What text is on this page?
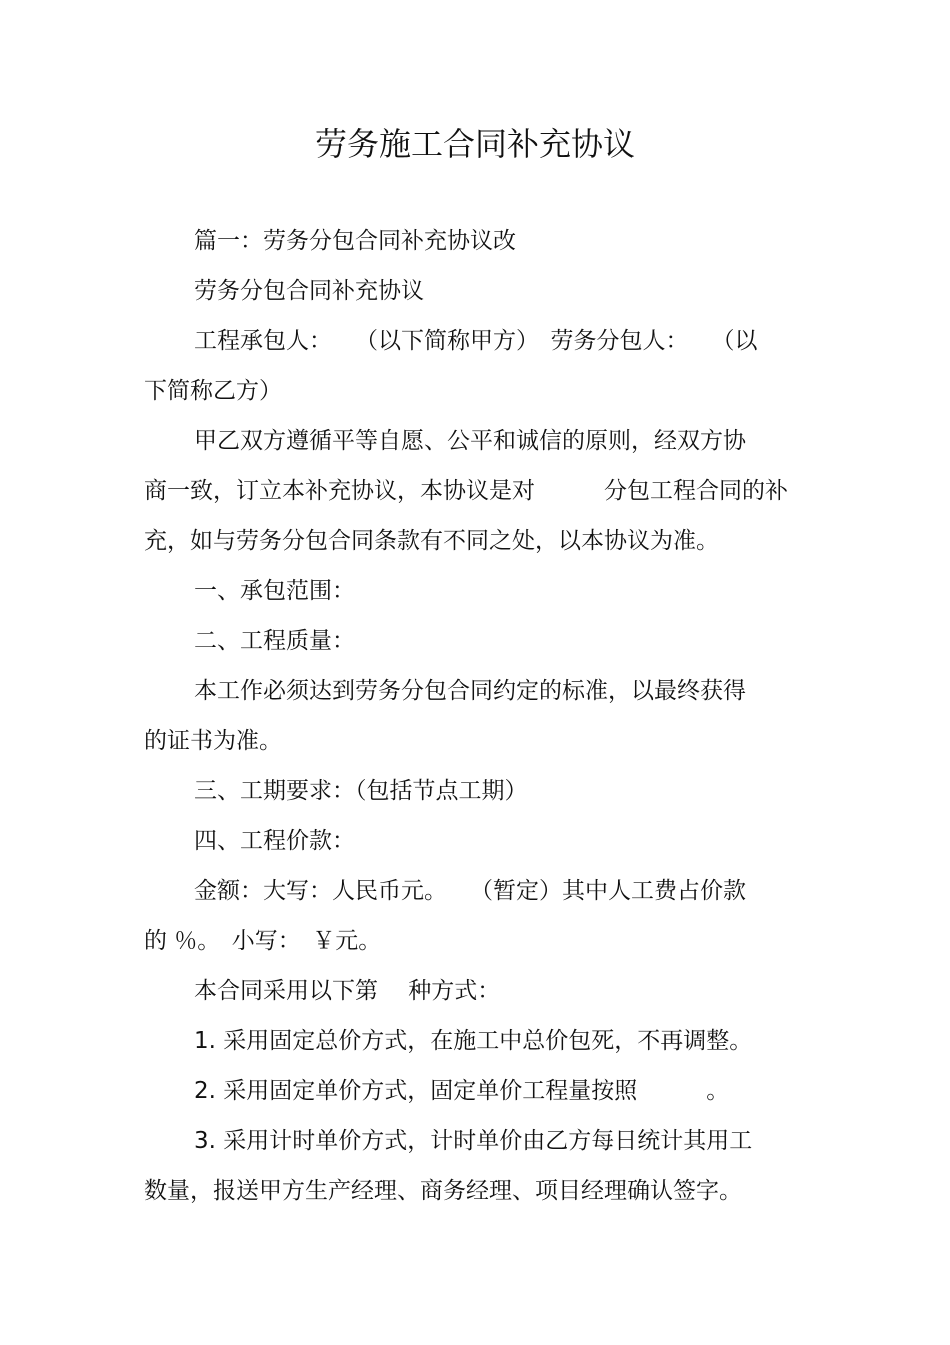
劳务施工合同补充协议
篇一：劳务分包合同补充协议改
劳务分包合同补充协议
工程承包人：　　（以下简称甲方）　劳务分包人：　　（以
下简称乙方）
甲乙双方遵循平等自愿、公平和诚信的原则，经双方协
商一致，订立本补充协议，本协议是对　　　分包工程合同的补
充，如与劳务分包合同条款有不同之处，以本协议为准。
一、承包范围：
二、工程质量：
本工作必须达到劳务分包合同约定的标准，以最终获得
的证书为准。
三、工期要求：（包括节点工期）
四、工程价款：
金额：大写：人民币元。　　（暂定）其中人工费占价款
的 ％。　小写：　￥元。
本合同采用以下第　 种方式：
1. 采用固定总价方式，在施工中总价包死，不再调整。
2. 采用固定单价方式，固定单价工程量按照　　　。
3. 采用计时单价方式，计时单价由乙方每日统计其用工
数量，报送甲方生产经理、商务经理、项目经理确认签字。
